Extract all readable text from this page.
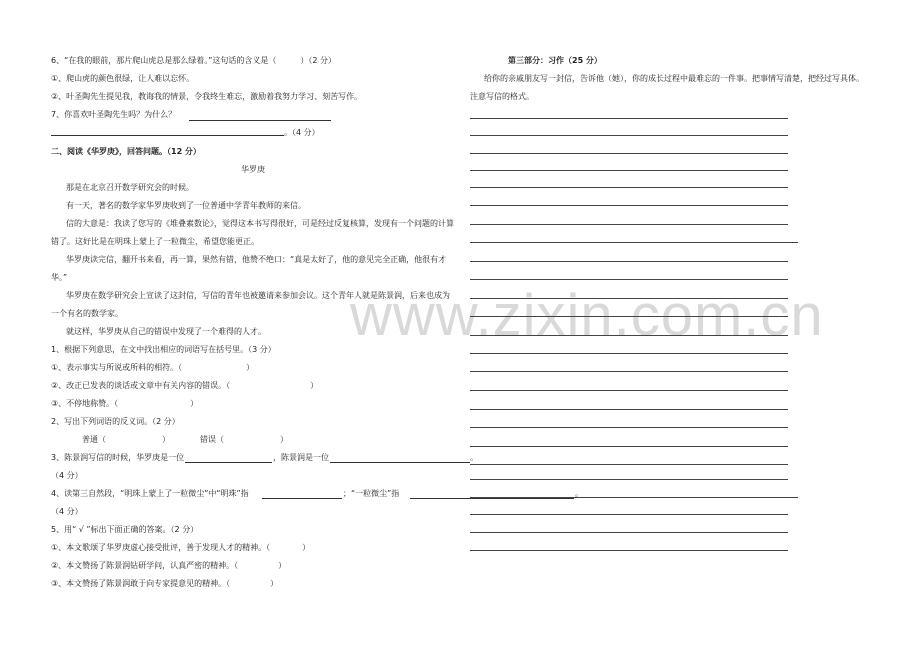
www.zixin.com.cn
6、“在我的眼前，那片爬山虎总是那么绿着。”这句话的含义是（　　　）（2 分）
①、爬山虎的颜色很绿，让人难以忘怀。
②、叶圣陶先生提见我，教诲我的情景，令我终生难忘，激励着我努力学习、刻苦写作。
7、你喜欢叶圣陶先生吗？为什么？
。（4 分）
二、阅读《华罗庚》，回答问题。（12 分）
华罗庚
那是在北京召开数学研究会的时候。
有一天，著名的数学家华罗庚收到了一位普通中学青年教师的来信。
信的大意是：我读了您写的《堆叠素数论》，觉得这本书写得很好，可是经过反复核算，发现有一个问题的计算
错了。这好比是在明珠上蒙上了一粒微尘，希望您能更正。
华罗庚读完信，翻开书来看，再一算，果然有错，他赞不绝口：“真是太好了，他的意见完全正确，他很有才
华。”
华罗庚在数学研究会上宣读了这封信，写信的青年也被邀请来参加会议。这个青年人就是陈景润，后来也成为
一个有名的数学家。
就这样，华罗庚从自己的错误中发现了一个难得的人才。
1、根据下列意思，在文中找出相应的词语写在括号里。（3 分）
①、表示事实与所说或所料的相符。（　　　　　　　　）
②、改正已发表的谈话或文章中有关内容的错误。（　　　　　　　　　　）
③、不停地称赞。（　　　　　　　　　）
2、写出下列词语的反义词。（2 分）
普通（　　　　　　　）	错误（　　　　　　　）
3、陈景润写信的时候，华罗庚是一位	，陈景润是一位	。
（4 分）
4、读第三自然段，“明珠上蒙上了一粒微尘”中“明珠”指	；“一粒微尘”指	。
（4 分）
5、用“ √ ”标出下面正确的答案。（2 分）
①、本文歌颂了华罗庚虚心接受批评，善于发现人才的精神。（　　　　）
②、本文赞扬了陈景润钻研学问，认真严密的精神。（　　　　　）
③、本文赞扬了陈景润敢于向专家提意见的精神。（　　　　　）
第三部分：习作（25 分）
给你的亲戚朋友写一封信，告诉他（她），你的成长过程中最难忘的一件事。把事情写清楚，把经过写具体。
注意写信的格式。
